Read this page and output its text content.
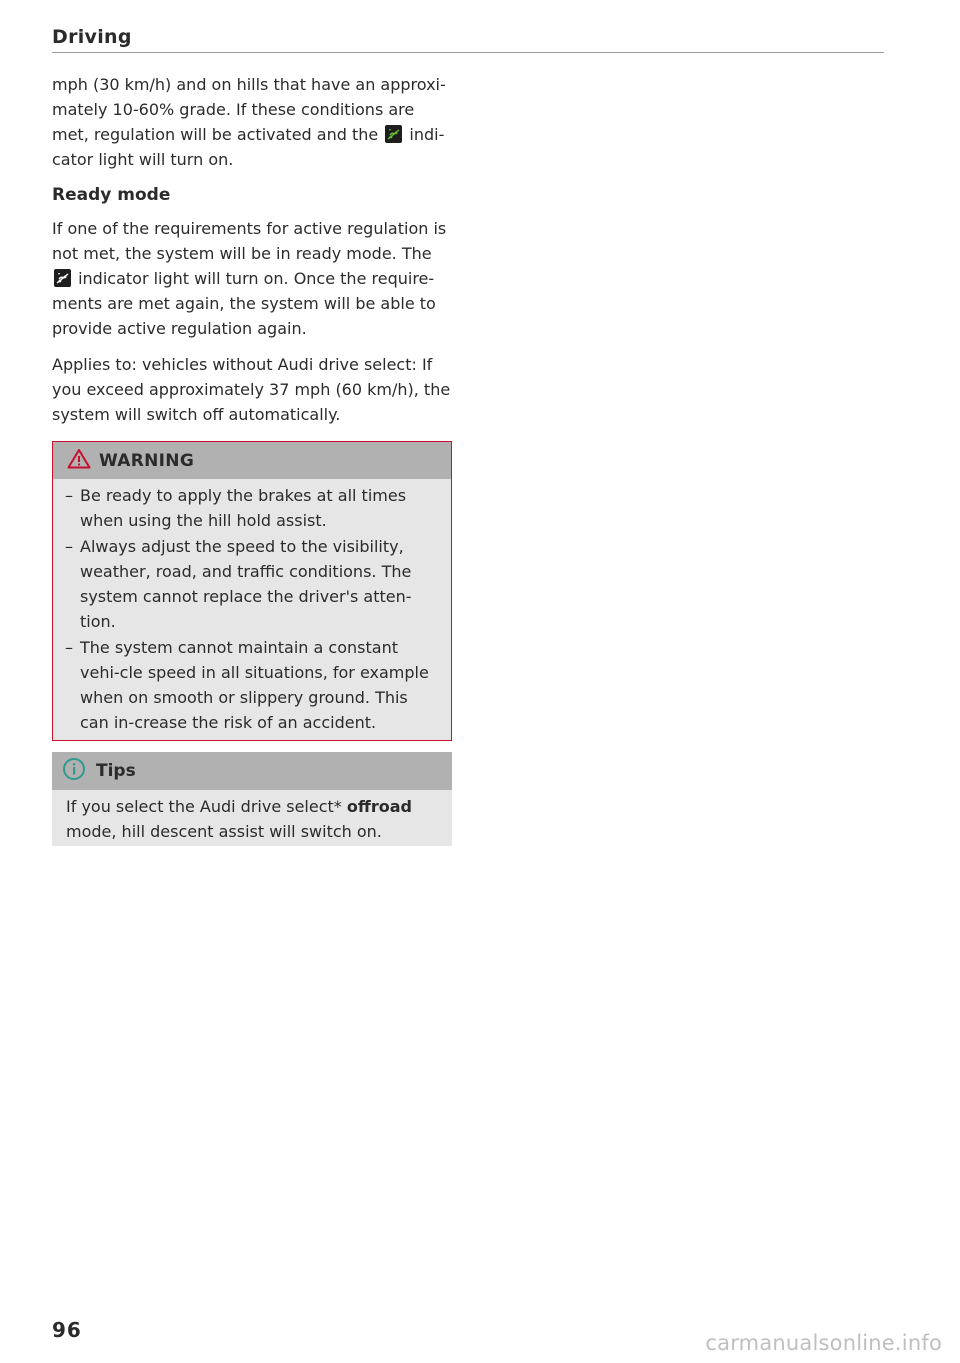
Driving

mph (30 km/h) and on hills that have an approxi-mately 10-60% grade. If these conditions are met, regulation will be activated and the
indi-cator light will turn on.

Ready mode

If one of the requirements for active regulation is not met, the system will be in ready mode. The
indicator light will turn on. Once the require-ments are met again, the system will be able to provide active regulation again.

Applies to: vehicles without Audi drive select: If you exceed approximately 37 mph (60 km/h), the system will switch off automatically.

WARNING
– Be ready to apply the brakes at all times when using the hill hold assist.
– Always adjust the speed to the visibility, weather, road, and traffic conditions. The system cannot replace the driver's atten-tion.
– The system cannot maintain a constant vehi-cle speed in all situations, for example when on smooth or slippery ground. This can in-crease the risk of an accident.
Tips
If you select the Audi drive select* offroad mode, hill descent assist will switch on.
96
carmanualsonline.info
